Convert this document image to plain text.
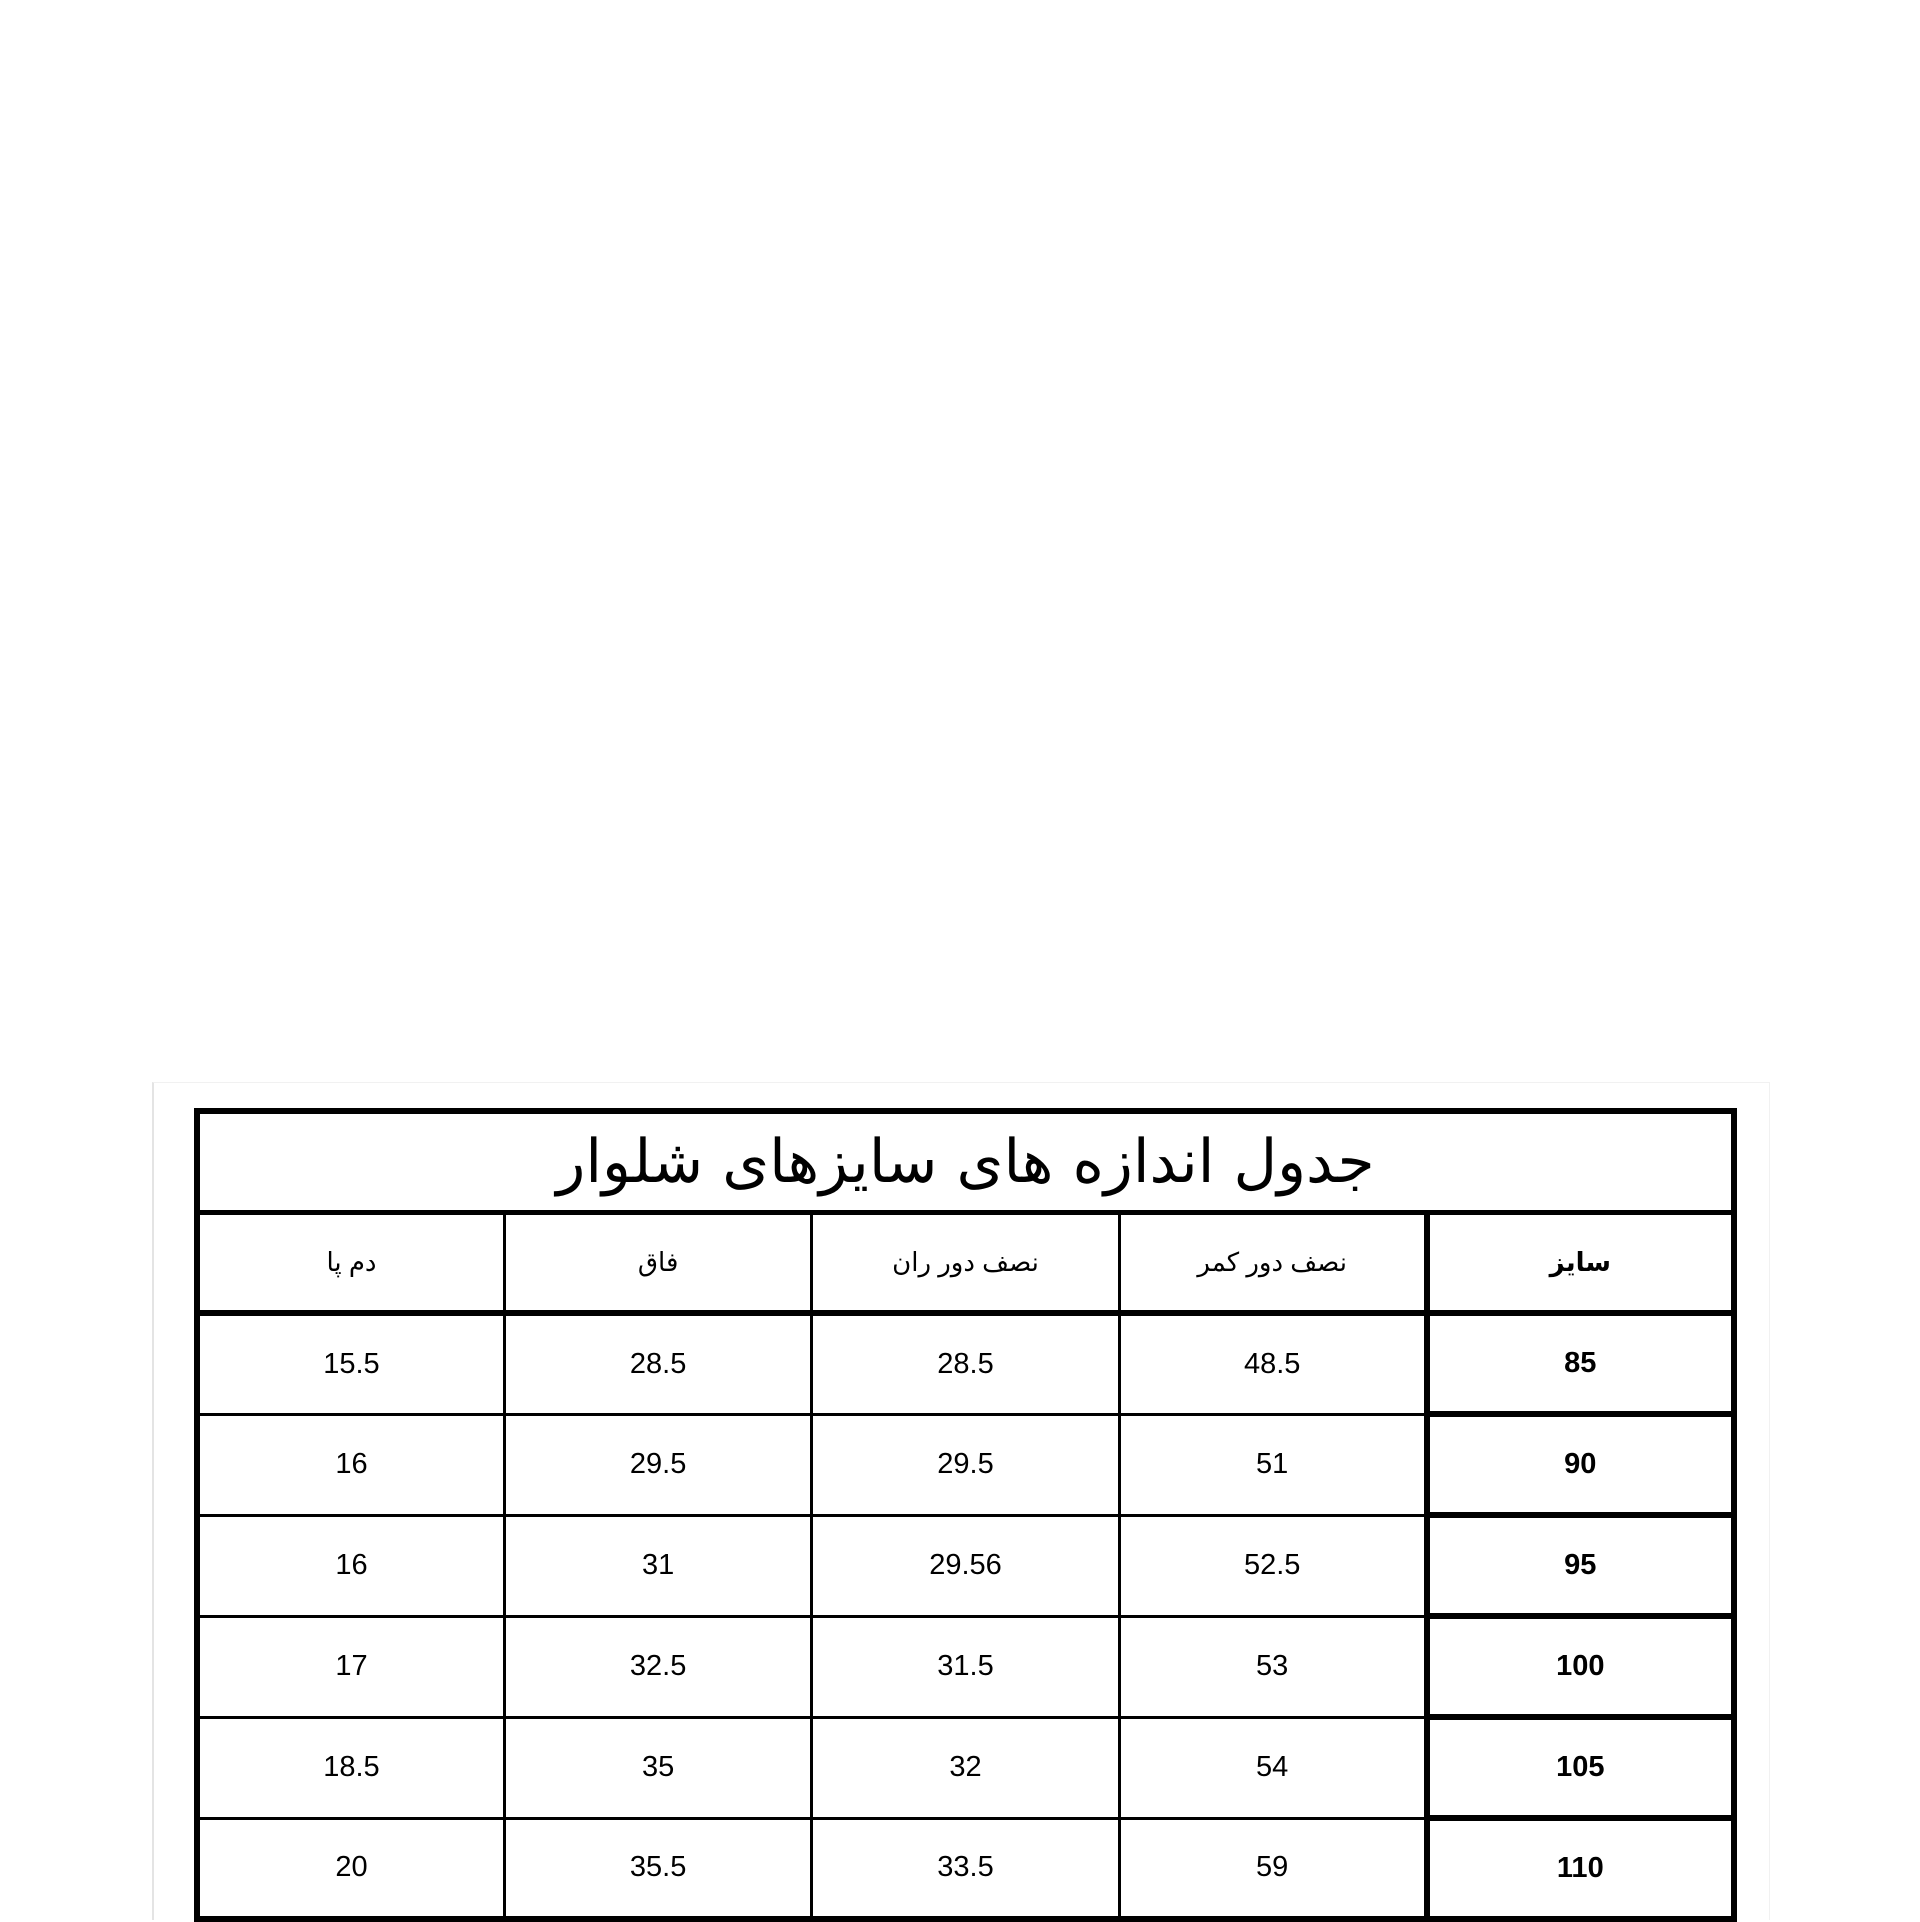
جدول اندازه های سایزهای شلوار				
سایز	نصف دور کمر	نصف دور ران	فاق	دم پا
85	48.5	28.5	28.5	15.5
90	51	29.5	29.5	16
95	52.5	29.56	31	16
100	53	31.5	32.5	17
105	54	32	35	18.5
110	59	33.5	35.5	20
